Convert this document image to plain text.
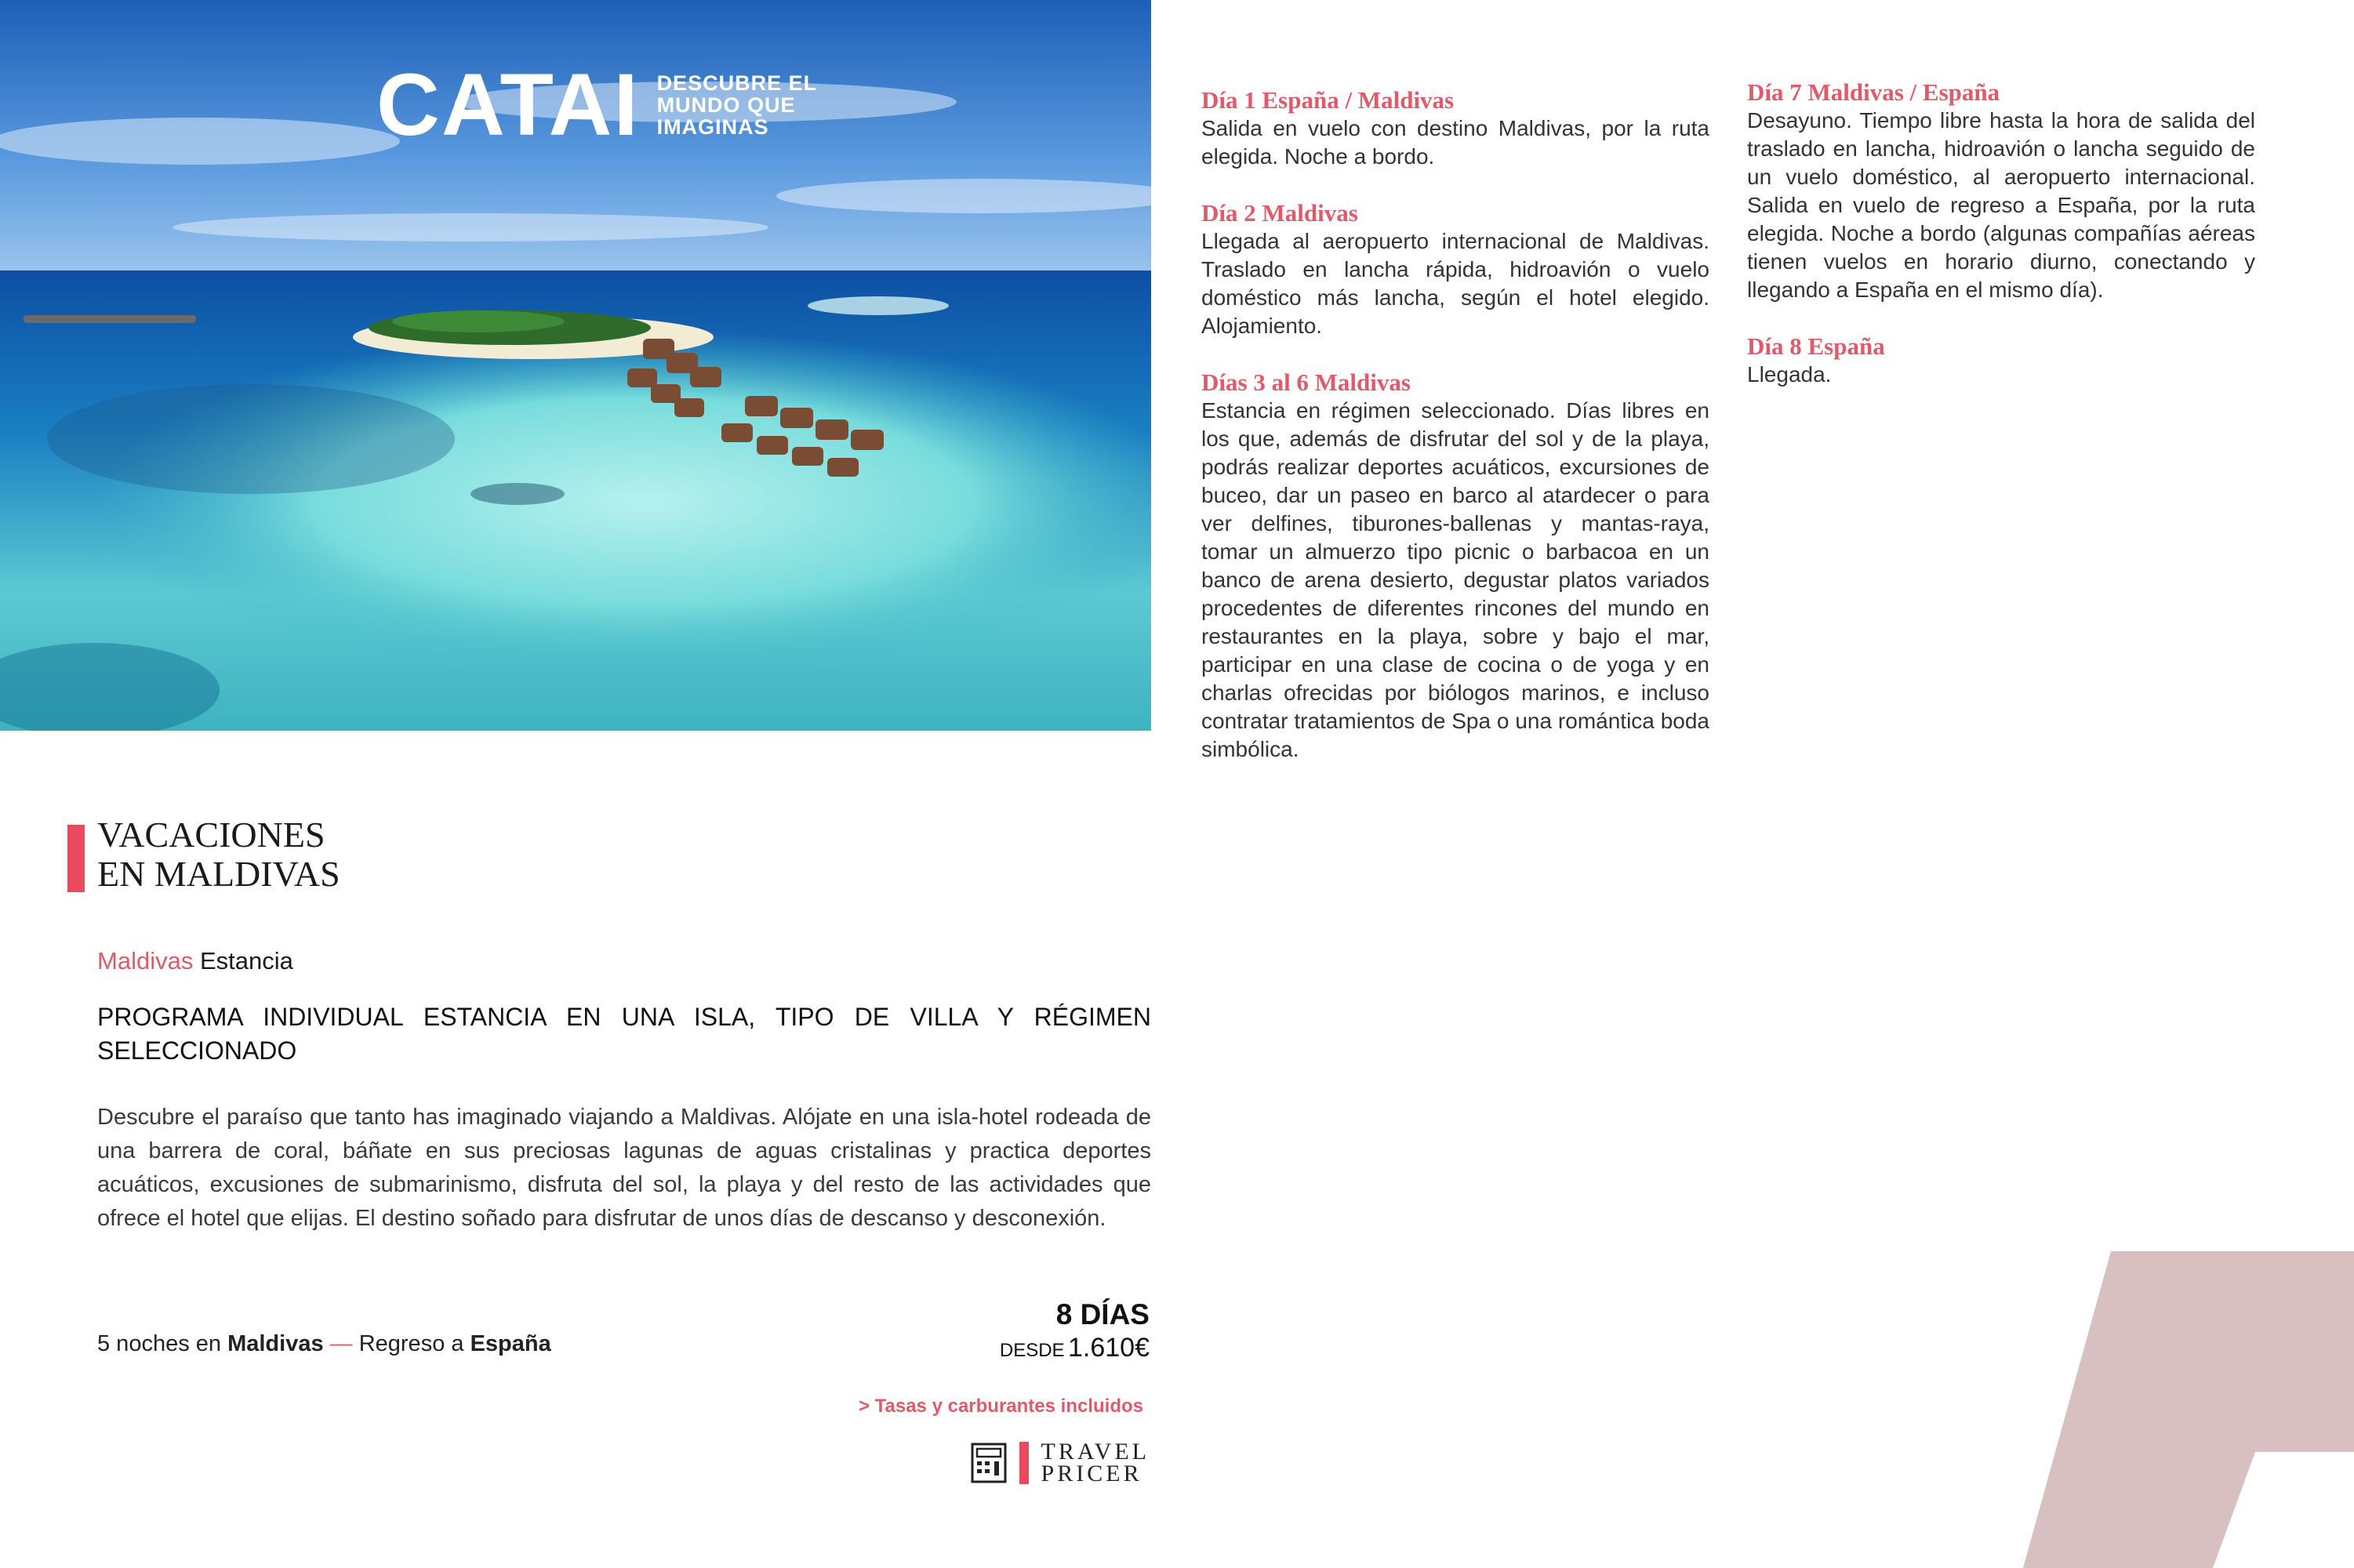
CATAI DESCUBRE EL
MUNDO QUE
IMAGINAS
VACACIONES
EN MALDIVAS
Maldivas Estancia
PROGRAMA INDIVIDUAL ESTANCIA EN UNA ISLA, TIPO DE VILLA Y RÉGIMEN SELECCIONADO
Descubre el paraíso que tanto has imaginado viajando a Maldivas. Alójate en una isla-hotel rodeada de una barrera de coral, báñate en sus preciosas lagunas de aguas cristalinas y practica deportes acuáticos, excusiones de submarinismo, disfruta del sol, la playa y del resto de las actividades que ofrece el hotel que elijas. El destino soñado para disfrutar de unos días de descanso y desconexión.
5 noches en Maldivas — Regreso a España
8 DÍAS
DESDE 1.610€
> Tasas y carburantes incluidos
TRAVEL
PRICER
Día 1 España / Maldivas
Salida en vuelo con destino Maldivas, por la ruta elegida. Noche a bordo.
Día 2 Maldivas
Llegada al aeropuerto internacional de Maldivas. Traslado en lancha rápida, hidroavión o vuelo doméstico más lancha, según el hotel elegido. Alojamiento.
Días 3 al 6 Maldivas
Estancia en régimen seleccionado. Días libres en los que, además de disfrutar del sol y de la playa, podrás realizar deportes acuáticos, excursiones de buceo, dar un paseo en barco al atardecer o para ver delfines, tiburones-ballenas y mantas-raya, tomar un almuerzo tipo picnic o barbacoa en un banco de arena desierto, degustar platos variados procedentes de diferentes rincones del mundo en restaurantes en la playa, sobre y bajo el mar, participar en una clase de cocina o de yoga y en charlas ofrecidas por biólogos marinos, e incluso contratar tratamientos de Spa o una romántica boda simbólica.
Día 7 Maldivas / España
Desayuno. Tiempo libre hasta la hora de salida del traslado en lancha, hidroavión o lancha seguido de un vuelo doméstico, al aeropuerto internacional. Salida en vuelo de regreso a España, por la ruta elegida. Noche a bordo (algunas compañías aéreas tienen vuelos en horario diurno, conectando y llegando a España en el mismo día).
Día 8 España
Llegada.
